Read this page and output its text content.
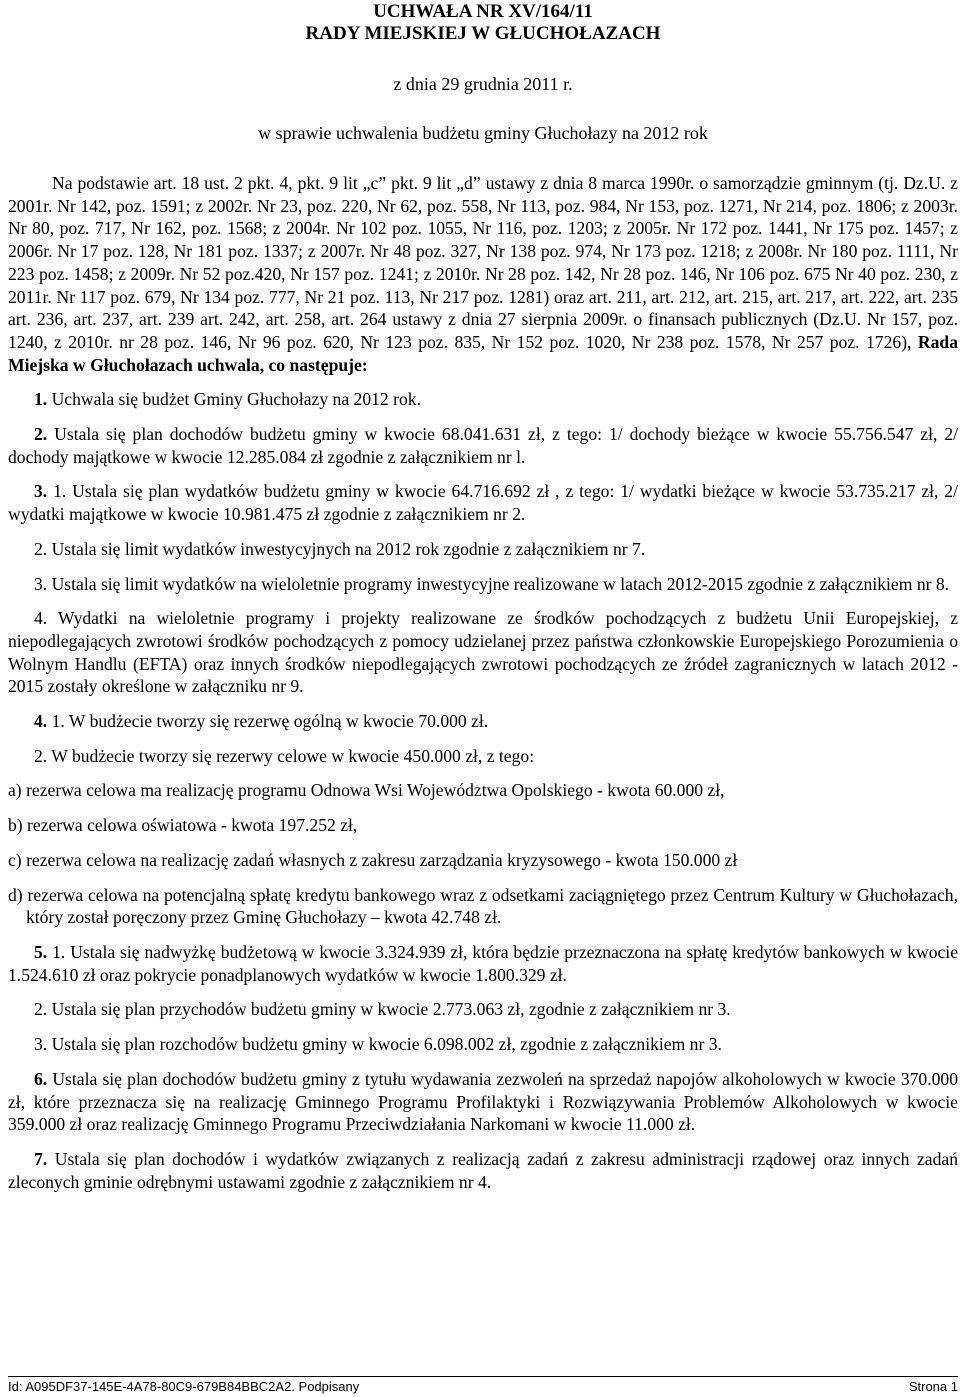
UCHWAŁA NR XV/164/11
RADY MIEJSKIEJ W GŁUCHOŁAZACH
z dnia 29 grudnia 2011 r.
w sprawie uchwalenia budżetu gminy Głuchołazy na 2012 rok

Na podstawie art. 18 ust. 2 pkt. 4, pkt. 9 lit „c” pkt. 9 lit „d” ustawy z dnia 8 marca 1990r. o samorządzie gminnym (tj. Dz.U. z 2001r. Nr 142, poz. 1591; z 2002r. Nr 23, poz. 220, Nr 62, poz. 558, Nr 113, poz. 984, Nr 153, poz. 1271, Nr 214, poz. 1806; z 2003r. Nr 80, poz. 717, Nr 162, poz. 1568; z 2004r. Nr 102 poz. 1055, Nr 116, poz. 1203; z 2005r. Nr 172 poz. 1441, Nr 175 poz. 1457; z 2006r. Nr 17 poz. 128, Nr 181 poz. 1337; z 2007r. Nr 48 poz. 327, Nr 138 poz. 974, Nr 173 poz. 1218; z 2008r. Nr 180 poz. 1111, Nr 223 poz. 1458; z 2009r. Nr 52 poz.420, Nr 157 poz. 1241; z 2010r. Nr 28 poz. 142, Nr 28 poz. 146, Nr 106 poz. 675 Nr 40 poz. 230, z 2011r. Nr 117 poz. 679, Nr 134 poz. 777, Nr 21 poz. 113, Nr 217 poz. 1281) oraz art. 211, art. 212, art. 215, art. 217, art. 222, art. 235 art. 236, art. 237, art. 239 art. 242, art. 258, art. 264 ustawy z dnia 27 sierpnia 2009r. o finansach publicznych (Dz.U. Nr 157, poz. 1240, z 2010r. nr 28 poz. 146, Nr 96 poz. 620, Nr 123 poz. 835, Nr 152 poz. 1020, Nr 238 poz. 1578, Nr 257 poz. 1726), Rada Miejska w Głuchołazach uchwala, co następuje:

1. Uchwala się budżet Gminy Głuchołazy na 2012 rok.

2. Ustala się plan dochodów budżetu gminy w kwocie 68.041.631 zł, z tego: 1/ dochody bieżące w kwocie 55.756.547 zł, 2/ dochody majątkowe w kwocie 12.285.084 zł zgodnie z załącznikiem nr l.

3. 1. Ustala się plan wydatków budżetu gminy w kwocie 64.716.692 zł , z tego: 1/ wydatki bieżące w kwocie 53.735.217 zł, 2/ wydatki majątkowe w kwocie 10.981.475 zł zgodnie z załącznikiem nr 2.

2. Ustala się limit wydatków inwestycyjnych na 2012 rok zgodnie z załącznikiem nr 7.

3. Ustala się limit wydatków na wieloletnie programy inwestycyjne realizowane w latach 2012-2015 zgodnie z załącznikiem nr 8.

4. Wydatki na wieloletnie programy i projekty realizowane ze środków pochodzących z budżetu Unii Europejskiej, z niepodlegających zwrotowi środków pochodzących z pomocy udzielanej przez państwa członkowskie Europejskiego Porozumienia o Wolnym Handlu (EFTA) oraz innych środków niepodlegających zwrotowi pochodzących ze źródeł zagranicznych w latach 2012 - 2015 zostały określone w załączniku nr 9.

4. 1. W budżecie tworzy się rezerwę ogólną w kwocie 70.000 zł.

2. W budżecie tworzy się rezerwy celowe w kwocie 450.000 zł, z tego:

a) rezerwa celowa ma realizację programu Odnowa Wsi Województwa Opolskiego - kwota 60.000 zł,

b) rezerwa celowa oświatowa - kwota 197.252 zł,

c) rezerwa celowa na realizację zadań własnych z zakresu zarządzania kryzysowego - kwota 150.000 zł

d) rezerwa celowa na potencjalną spłatę kredytu bankowego wraz z odsetkami zaciągniętego przez Centrum Kultury w Głuchołazach, który został poręczony przez Gminę Głuchołazy – kwota 42.748 zł.

5. 1. Ustala się nadwyżkę budżetową w kwocie 3.324.939 zł, która będzie przeznaczona na spłatę kredytów bankowych w kwocie 1.524.610 zł oraz pokrycie ponadplanowych wydatków w kwocie 1.800.329 zł.

2. Ustala się plan przychodów budżetu gminy w kwocie 2.773.063 zł, zgodnie z załącznikiem nr 3.

3. Ustala się plan rozchodów budżetu gminy w kwocie 6.098.002 zł, zgodnie z załącznikiem nr 3.

6. Ustala się plan dochodów budżetu gminy z tytułu wydawania zezwoleń na sprzedaż napojów alkoholowych w kwocie 370.000 zł, które przeznacza się na realizację Gminnego Programu Profilaktyki i Rozwiązywania Problemów Alkoholowych w kwocie 359.000 zł oraz realizację Gminnego Programu Przeciwdziałania Narkomani w kwocie 11.000 zł.

7. Ustala się plan dochodów i wydatków związanych z realizacją zadań z zakresu administracji rządowej oraz innych zadań zleconych gminie odrębnymi ustawami zgodnie z załącznikiem nr 4.

Id: A095DF37-145E-4A78-80C9-679B84BBC2A2. Podpisany	Strona 1
